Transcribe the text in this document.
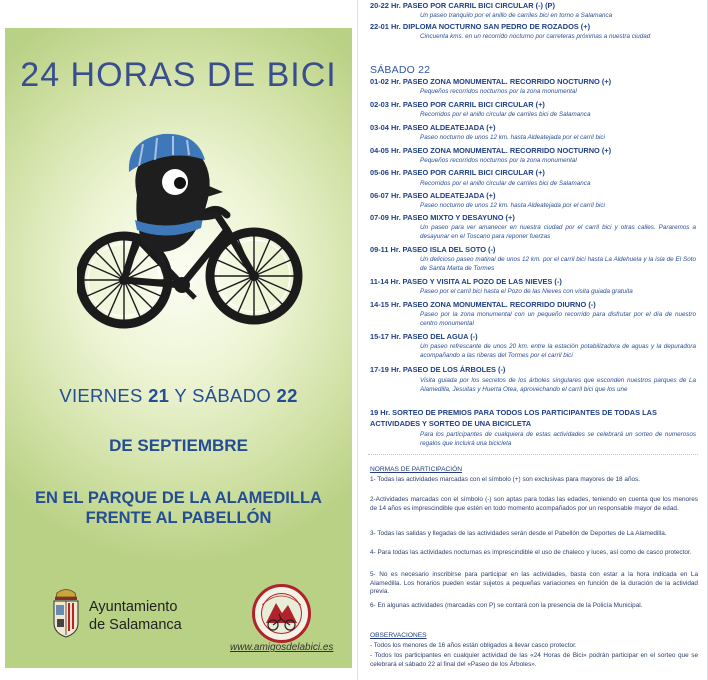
24 HORAS DE BICI
VIERNES 21 Y SÁBADO 22
DE SEPTIEMBRE
EN EL PARQUE DE LA ALAMEDILLA
FRENTE AL PABELLÓN
Ayuntamiento
de Salamanca
www.amigosdelabici.es
20-22 Hr. PASEO POR CARRIL BICI CIRCULAR (-) (P)
Un paseo tranquilo por el anillo de carriles bici en torno a Salamanca
22-01 Hr. DIPLOMA NOCTURNO SAN PEDRO DE ROZADOS (+)
Cincuenta kms. en un recorrido nocturno por carreteras próximas a nuestra ciudad
SÁBADO 22
01-02 Hr. PASEO ZONA MONUMENTAL. RECORRIDO NOCTURNO (+)
Pequeños recorridos nocturnos por la zona monumental
02-03 Hr. PASEO POR CARRIL BICI CIRCULAR (+)
Recorridos por el anillo circular de carriles bici de Salamanca
03-04 Hr. PASEO ALDEATEJADA (+)
Paseo nocturno de unos 12 km. hasta Aldeatejada por el carril bici
04-05 Hr. PASEO ZONA MONUMENTAL. RECORRIDO NOCTURNO (+)
Pequeños recorridos nocturnos por la zona monumental
05-06 Hr. PASEO POR CARRIL BICI CIRCULAR (+)
Recorridos por el anillo circular de carriles bici de Salamanca
06-07 Hr. PASEO ALDEATEJADA (+)
Paseo nocturno de unos 12 km. hasta Aldeatejada por el carril bici
07-09 Hr. PASEO MIXTO Y DESAYUNO (+)
Un paseo para ver amanecer en nuestra ciudad por el carril bici y otras calles. Pararemos a desayunar en el Toscano para reponer fuerzas
09-11 Hr. PASEO ISLA DEL SOTO (-)
Un delicioso paseo matinal de unos 12 km. por el carril bici hasta La Aldehuela y la isla de El Soto de Santa Marta de Tormes
11-14 Hr. PASEO Y VISITA AL POZO DE LAS NIEVES (-)
Paseo por el carril bici hasta el Pozo de las Nieves con visita guiada gratuita
14-15 Hr. PASEO ZONA MONUMENTAL. RECORRIDO DIURNO (-)
Paseo por la zona monumental con un pequeño recorrido para disfrutar por el día de nuestro centro monumental
15-17 Hr. PASEO DEL AGUA (-)
Un paseo refrescante de unos 20 km. entre la estación potabilizadora de aguas y la depuradora acompañando a las riberas del Tormes por el carril bici
17-19 Hr. PASEO DE LOS ÁRBOLES (-)
Visita guiada por los secretos de los árboles singulares que esconden nuestros parques de La Alamedilla, Jesuitas y Huerta Otea, aprovechando el carril bici que los une
19 Hr. SORTEO DE PREMIOS PARA TODOS LOS PARTICIPANTES DE TODAS LAS
ACTIVIDADES Y SORTEO DE UNA BICICLETA
Para los participantes de cualquiera de estas actividades se celebrará un sorteo de numerosos regalos que incluirá una bicicleta
NORMAS DE PARTICIPACIÓN
1- Todas las actividades marcadas con el símbolo (+) son exclusivas para mayores de 18 años.
2-Actividades marcadas con el símbolo (-) son aptas para todas las edades, teniendo en cuenta que los menores de 14 años es imprescindible que estén en todo momento acompañados por un responsable mayor de edad.
3- Todas las salidas y llegadas de las actividades serán desde el Pabellón de Deportes de La Alamedilla.
4- Para todas las actividades nocturnas es imprescindible el uso de chaleco y luces, así como de casco protector.
5- No es necesario inscribirse para participar en las actividades, basta con estar a la hora indicada en La Alamedilla. Los horarios pueden estar sujetos a pequeñas variaciones en función de la duración de la actividad previa.
6- En algunas actividades (marcadas con P) se contará con la presencia de la Policía Municipal.
OBSERVACIONES
- Todos los menores de 16 años están obligados a llevar casco protector.
- Todos los participantes en cualquier actividad de las «24 Horas de Bici» podrán participar en el sorteo que se celebrará el sábado 22 al final del «Paseo de los Árboles».
